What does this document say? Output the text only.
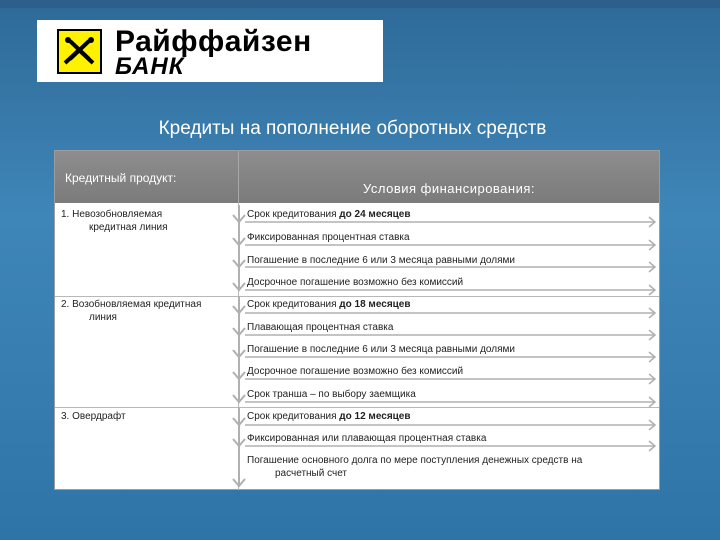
Райффайзен
БАНК
Кредиты на пополнение оборотных средств
Кредитный продукт:
Условия финансирования:
1. Невозобновляемая
кредитная линия
Срок кредитования до 24 месяцев
Фиксированная процентная ставка
Погашение в последние 6 или 3 месяца равными долями
Досрочное погашение возможно без комиссий
2. Возобновляемая кредитная
линия
Срок кредитования до 18 месяцев
Плавающая процентная ставка
Погашение в последние 6 или 3 месяца равными долями
Досрочное погашение возможно без комиссий
Срок транша – по выбору заемщика
3. Овердрафт	Срок кредитования до 12 месяцев
Фиксированная или плавающая процентная ставка
Погашение основного долга по мере поступления денежных средств на
расчетный счет
